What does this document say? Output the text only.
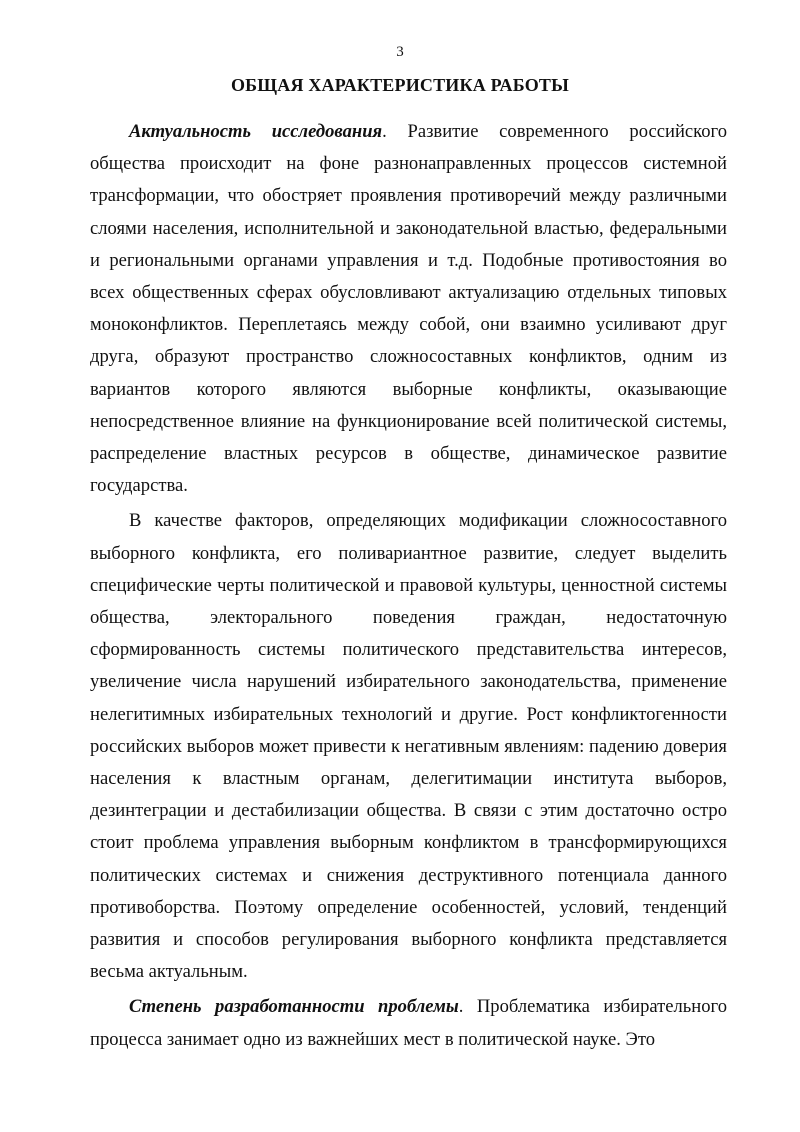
3
ОБЩАЯ ХАРАКТЕРИСТИКА РАБОТЫ

Актуальность исследования. Развитие современного российского общества происходит на фоне разнонаправленных процессов системной трансформации, что обостряет проявления противоречий между различными слоями населения, исполнительной и законодательной властью, федеральными и региональными органами управления и т.д. Подобные противостояния во всех общественных сферах обусловливают актуализацию отдельных типовых моноконфликтов. Переплетаясь между собой, они взаимно усиливают друг друга, образуют пространство сложносоставных конфликтов, одним из вариантов которого являются выборные конфликты, оказывающие непосредственное влияние на функционирование всей политической системы, распределение властных ресурсов в обществе, динамическое развитие государства.

В качестве факторов, определяющих модификации сложносоставного выборного конфликта, его поливариантное развитие, следует выделить специфические черты политической и правовой культуры, ценностной системы общества, электорального поведения граждан, недостаточную сформированность системы политического представительства интересов, увеличение числа нарушений избирательного законодательства, применение нелегитимных избирательных технологий и другие. Рост конфликтогенности российских выборов может привести к негативным явлениям: падению доверия населения к властным органам, делегитимации института выборов, дезинтеграции и дестабилизации общества. В связи с этим достаточно остро стоит проблема управления выборным конфликтом в трансформирующихся политических системах и снижения деструктивного потенциала данного противоборства. Поэтому определение особенностей, условий, тенденций развития и способов регулирования выборного конфликта представляется весьма актуальным.

Степень разработанности проблемы. Проблематика избирательного процесса занимает одно из важнейших мест в политической науке. Это
